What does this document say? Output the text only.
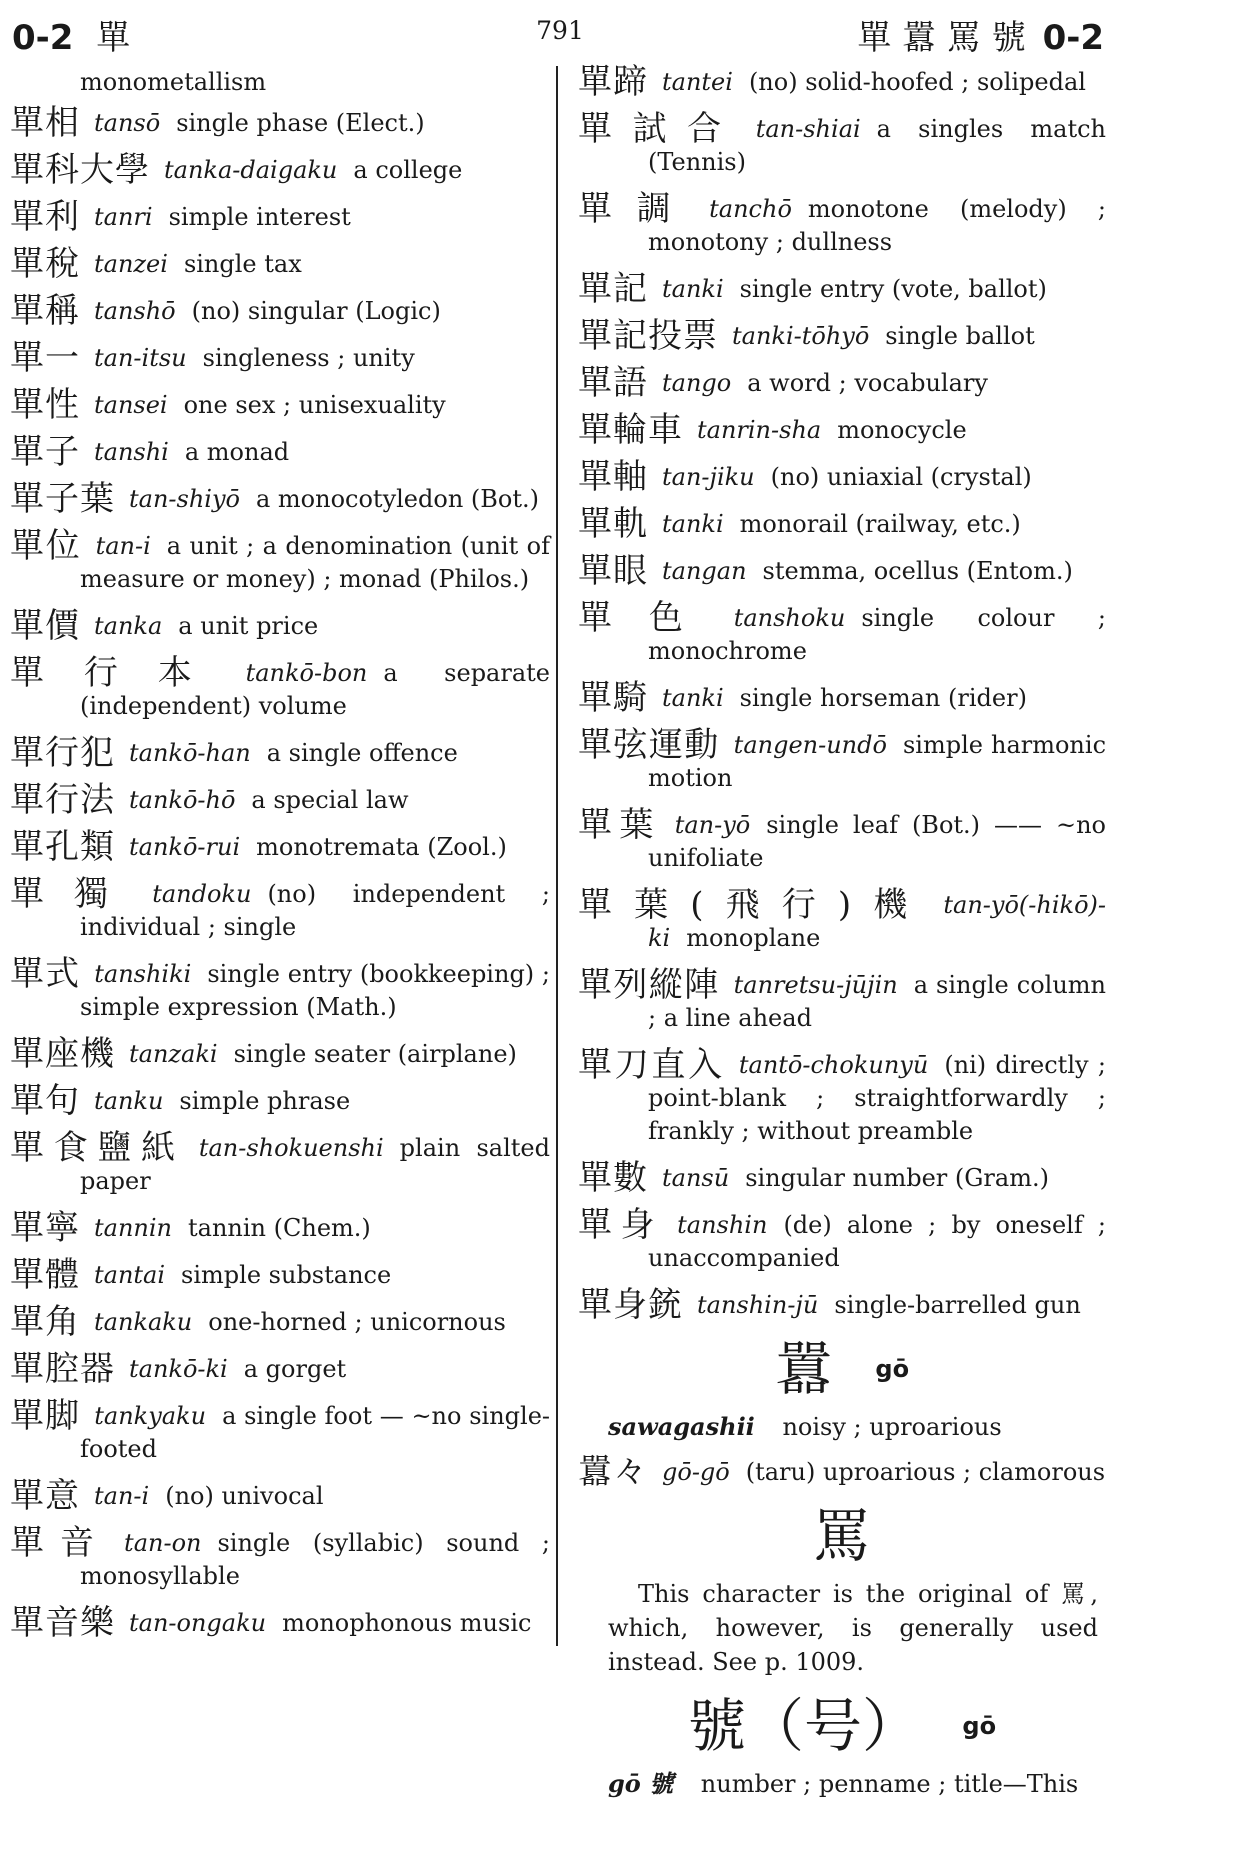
0-2 單	791	單 囂 罵 號 0-2
monometallism
單相 tansō single phase (Elect.)
單科大學 tanka-daigaku a college
單利 tanri simple interest
單稅 tanzei single tax
單稱 tanshō (no) singular (Logic)
單一 tan-itsu singleness ; unity
單性 tansei one sex ; unisexuality
單子 tanshi a monad
單子葉 tan-shiyō a monocotyledon (Bot.)
單位 tan-i a unit ; a denomination (unit of measure or money) ; monad (Philos.)
單價 tanka a unit price
單行本 tankō-bon a separate (independent) volume
單行犯 tankō-han a single offence
單行法 tankō-hō a special law
單孔類 tankō-rui monotremata (Zool.)
單獨 tandoku (no) independent ; individual ; single
單式 tanshiki single entry (bookkeeping) ; simple expression (Math.)
單座機 tanzaki single seater (airplane)
單句 tanku simple phrase
單食鹽紙 tan-shokuenshi plain salted paper
單寧 tannin tannin (Chem.)
單體 tantai simple substance
單角 tankaku one-horned ; unicornous
單腔器 tankō-ki a gorget
單脚 tankyaku a single foot — ~no single-footed
單意 tan-i (no) univocal
單音 tan-on single (syllabic) sound ; monosyllable
單音樂 tan-ongaku monophonous music
單蹄 tantei (no) solid-hoofed ; solipedal
單試合 tan-shiai a singles match (Tennis)
單調 tanchō monotone (melody) ; monotony ; dullness
單記 tanki single entry (vote, ballot)
單記投票 tanki-tōhyō single ballot
單語 tango a word ; vocabulary
單輪車 tanrin-sha monocycle
單軸 tan-jiku (no) uniaxial (crystal)
單軌 tanki monorail (railway, etc.)
單眼 tangan stemma, ocellus (Entom.)
單色 tanshoku single colour ; monochrome
單騎 tanki single horseman (rider)
單弦運動 tangen-undō simple harmonic motion
單葉 tan-yō single leaf (Bot.) —— ~no unifoliate
單葉(飛行)機 tan-yō(-hikō)-ki monoplane
單列縱陣 tanretsu-jūjin a single column ; a line ahead
單刀直入 tantō-chokunyū (ni) directly ; point-blank ; straightforwardly ; frankly ; without preamble
單數 tansū singular number (Gram.)
單身 tanshin (de) alone ; by oneself ; unaccompanied
單身銃 tanshin-jū single-barrelled gun
囂 $^{gō}$
sawagashii noisy ; uproarious
囂々 gō-gō (taru) uproarious ; clamorous
罵
This character is the original of 罵, which, however, is generally used instead. See p. 1009.
號（号） $^{gō}$
gō 號 number ; penname ; title—This
